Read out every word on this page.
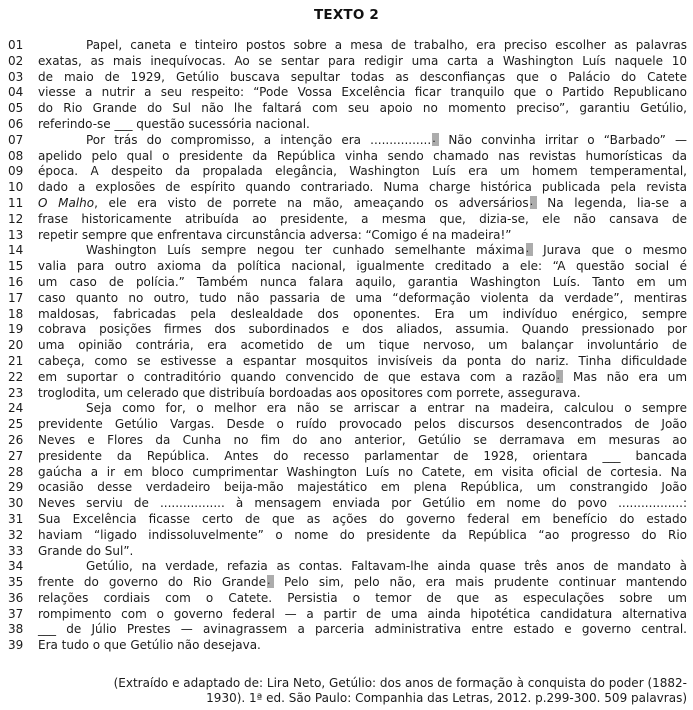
TEXTO 2
01	Papel, caneta e tinteiro postos sobre a mesa de trabalho, era preciso escolher as palavras
02	exatas, as mais inequívocas. Ao se sentar para redigir uma carta a Washington Luís naquele 10
03	de maio de 1929, Getúlio buscava sepultar todas as desconfianças que o Palácio do Catete
04	viesse a nutrir a seu respeito: “Pode Vossa Excelência ficar tranquilo que o Partido Republicano
05	do Rio Grande do Sul não lhe faltará com seu apoio no momento preciso”, garantiu Getúlio,
06	referindo-se ___ questão sucessória nacional.
07	Por trás do compromisso, a intenção era ................. Não convinha irritar o “Barbado” —
08	apelido pelo qual o presidente da República vinha sendo chamado nas revistas humorísticas da
09	época. A despeito da propalada elegância, Washington Luís era um homem temperamental,
10	dado a explosões de espírito quando contrariado. Numa charge histórica publicada pela revista
11	O Malho, ele era visto de porrete na mão, ameaçando os adversários. Na legenda, lia-se a
12	frase historicamente atribuída ao presidente, a mesma que, dizia-se, ele não cansava de
13	repetir sempre que enfrentava circunstância adversa: “Comigo é na madeira!”
14	Washington Luís sempre negou ter cunhado semelhante máxima. Jurava que o mesmo
15	valia para outro axioma da política nacional, igualmente creditado a ele: “A questão social é
16	um caso de polícia.” Também nunca falara aquilo, garantia Washington Luís. Tanto em um
17	caso quanto no outro, tudo não passaria de uma “deformação violenta da verdade”, mentiras
18	maldosas, fabricadas pela deslealdade dos oponentes. Era um indivíduo enérgico, sempre
19	cobrava posições firmes dos subordinados e dos aliados, assumia. Quando pressionado por
20	uma opinião contrária, era acometido de um tique nervoso, um balançar involuntário de
21	cabeça, como se estivesse a espantar mosquitos invisíveis da ponta do nariz. Tinha dificuldade
22	em suportar o contraditório quando convencido de que estava com a razão. Mas não era um
23	troglodita, um celerado que distribuía bordoadas aos opositores com porrete, assegurava.
24	Seja como for, o melhor era não se arriscar a entrar na madeira, calculou o sempre
25	previdente Getúlio Vargas. Desde o ruído provocado pelos discursos desencontrados de João
26	Neves e Flores da Cunha no fim do ano anterior, Getúlio se derramava em mesuras ao
27	presidente da República. Antes do recesso parlamentar de 1928, orientara ___ bancada
28	gaúcha a ir em bloco cumprimentar Washington Luís no Catete, em visita oficial de cortesia. Na
29	ocasião desse verdadeiro beija-mão majestático em plena República, um constrangido João
30	Neves serviu de ................. à mensagem enviada por Getúlio em nome do povo .................:
31	Sua Excelência ficasse certo de que as ações do governo federal em benefício do estado
32	haviam “ligado indissoluvelmente” o nome do presidente da República “ao progresso do Rio
33	Grande do Sul”.
34	Getúlio, na verdade, refazia as contas. Faltavam-lhe ainda quase três anos de mandato à
35	frente do governo do Rio Grande. Pelo sim, pelo não, era mais prudente continuar mantendo
36	relações cordiais com o Catete. Persistia o temor de que as especulações sobre um
37	rompimento com o governo federal — a partir de uma ainda hipotética candidatura alternativa
38	___ de Júlio Prestes — avinagrassem a parceria administrativa entre estado e governo central.
39	Era tudo o que Getúlio não desejava.
(Extraído e adaptado de: Lira Neto, Getúlio: dos anos de formação à conquista do poder (1882-
1930). 1ª ed. São Paulo: Companhia das Letras, 2012. p.299-300. 509 palavras)
